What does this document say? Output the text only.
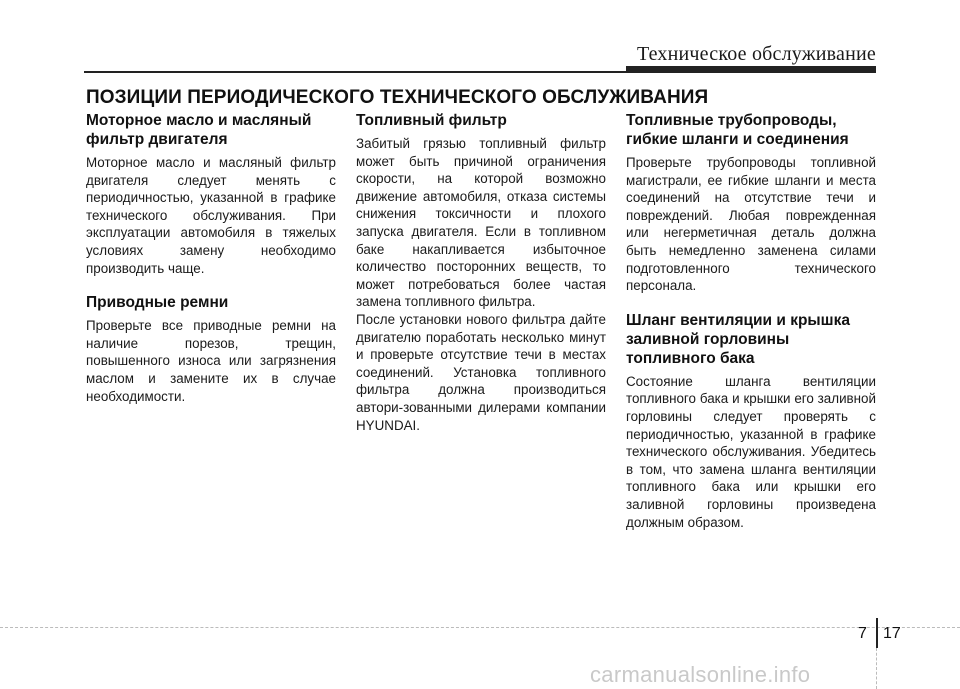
Техническое обслуживание
ПОЗИЦИИ ПЕРИОДИЧЕСКОГО ТЕХНИЧЕСКОГО ОБСЛУЖИВАНИЯ
Моторное масло и масляный фильтр двигателя

Моторное масло и масляный фильтр двигателя следует менять с периодичностью, указанной в графике технического обслуживания. При эксплуатации автомобиля в тяжелых условиях замену необходимо производить чаще.

Приводные ремни

Проверьте все приводные ремни на наличие порезов, трещин, повышенного износа или загрязнения маслом и замените их в случае необходимости.

Топливный фильтр

Забитый грязью топливный фильтр может быть причиной ограничения скорости, на которой возможно движение автомобиля, отказа системы снижения токсичности и плохого запуска двигателя. Если в топливном баке накапливается избыточное количество посторонних веществ, то может потребоваться более частая замена топливного фильтра.

После установки нового фильтра дайте двигателю поработать несколько минут и проверьте отсутствие течи в местах соединений. Установка топливного фильтра должна производиться автори-зованными дилерами компании HYUNDAI.

Топливные трубопроводы, гибкие шланги и соединения

Проверьте трубопроводы топливной магистрали, ее гибкие шланги и места соединений на отсутствие течи и повреждений. Любая поврежденная или негерметичная деталь должна быть немедленно заменена силами подготовленного технического персонала.

Шланг вентиляции и крышка заливной горловины топливного бака

Состояние шланга вентиляции топливного бака и крышки его заливной горловины следует проверять с периодичностью, указанной в графике технического обслуживания. Убедитесь в том, что замена шланга вентиляции топливного бака или крышки его заливной горловины произведена должным образом.

7 17
carmanualsonline.info
